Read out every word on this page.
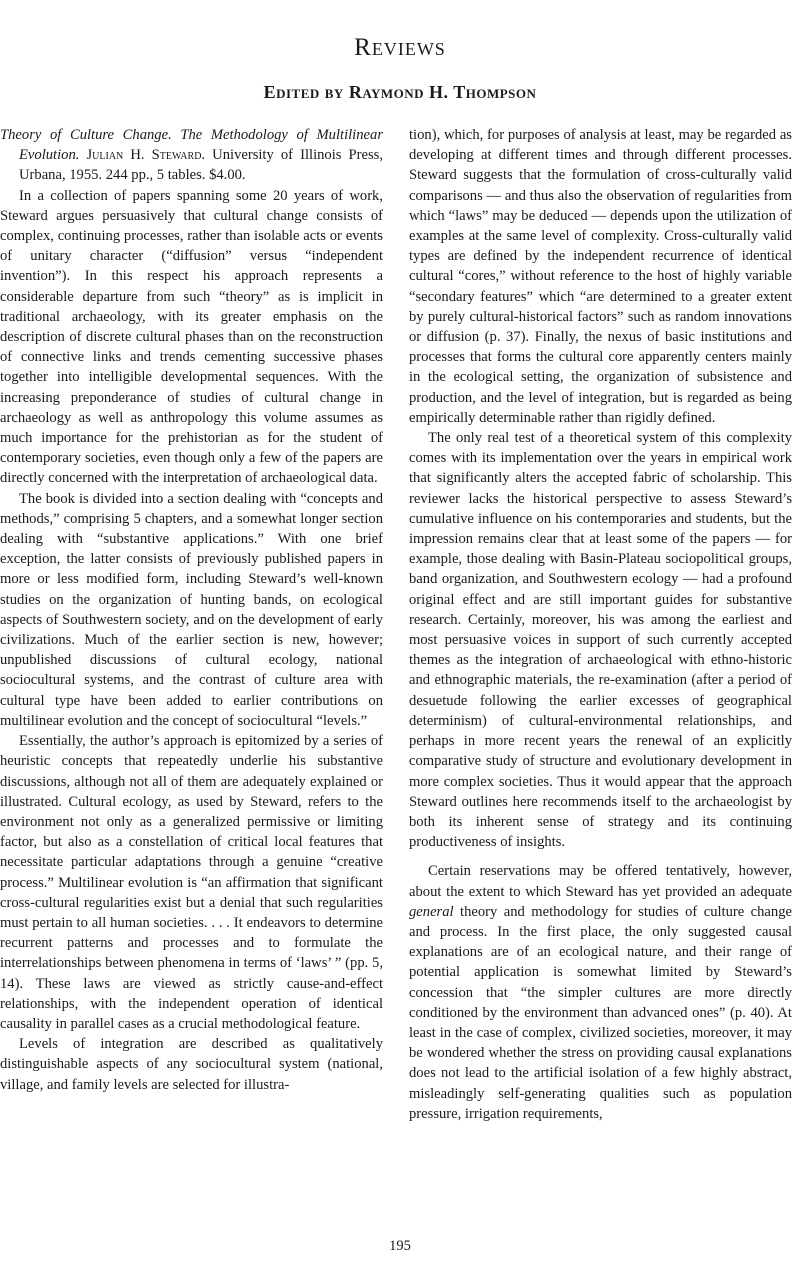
Reviews
Edited by Raymond H. Thompson

Theory of Culture Change. The Methodology of Multilinear Evolution. Julian H. Steward. University of Illinois Press, Urbana, 1955. 244 pp., 5 tables. $4.00.

In a collection of papers spanning some 20 years of work, Steward argues persuasively that cultural change consists of complex, continuing processes, rather than isolable acts or events of unitary character (“diffusion” versus “independent invention”). In this respect his approach represents a considerable departure from such “theory” as is implicit in traditional archaeology, with its greater emphasis on the description of discrete cultural phases than on the reconstruction of connective links and trends cementing successive phases together into intelligible developmental sequences. With the increasing preponderance of studies of cultural change in archaeology as well as anthropology this volume assumes as much importance for the prehistorian as for the student of contemporary societies, even though only a few of the papers are directly concerned with the interpretation of archaeological data.

The book is divided into a section dealing with “concepts and methods,” comprising 5 chapters, and a somewhat longer section dealing with “substantive applications.” With one brief exception, the latter consists of previously published papers in more or less modified form, including Steward’s well-known studies on the organization of hunting bands, on ecological aspects of Southwestern society, and on the development of early civilizations. Much of the earlier section is new, however; unpublished discussions of cultural ecology, national sociocultural systems, and the contrast of culture area with cultural type have been added to earlier contributions on multilinear evolution and the concept of sociocultural “levels.”

Essentially, the author’s approach is epitomized by a series of heuristic concepts that repeatedly underlie his substantive discussions, although not all of them are adequately explained or illustrated. Cultural ecology, as used by Steward, refers to the environment not only as a generalized permissive or limiting factor, but also as a constellation of critical local features that necessitate particular adaptations through a genuine “creative process.” Multilinear evolution is “an affirmation that significant cross-cultural regularities exist but a denial that such regularities must pertain to all human societies. . . . It endeavors to determine recurrent patterns and processes and to formulate the interrelationships between phenomena in terms of ‘laws’ ” (pp. 5, 14). These laws are viewed as strictly cause-and-effect relationships, with the independent operation of identical causality in parallel cases as a crucial methodological feature.

Levels of integration are described as qualitatively distinguishable aspects of any sociocultural system (national, village, and family levels are selected for illustra-

tion), which, for purposes of analysis at least, may be regarded as developing at different times and through different processes. Steward suggests that the formulation of cross-culturally valid comparisons — and thus also the observation of regularities from which “laws” may be deduced — depends upon the utilization of examples at the same level of complexity. Cross-culturally valid types are defined by the independent recurrence of identical cultural “cores,” without reference to the host of highly variable “secondary features” which “are determined to a greater extent by purely cultural-historical factors” such as random innovations or diffusion (p. 37). Finally, the nexus of basic institutions and processes that forms the cultural core apparently centers mainly in the ecological setting, the organization of subsistence and production, and the level of integration, but is regarded as being empirically determinable rather than rigidly defined.

The only real test of a theoretical system of this complexity comes with its implementation over the years in empirical work that significantly alters the accepted fabric of scholarship. This reviewer lacks the historical perspective to assess Steward’s cumulative influence on his contemporaries and students, but the impression remains clear that at least some of the papers — for example, those dealing with Basin-Plateau sociopolitical groups, band organization, and Southwestern ecology — had a profound original effect and are still important guides for substantive research. Certainly, moreover, his was among the earliest and most persuasive voices in support of such currently accepted themes as the integration of archaeological with ethno-historic and ethnographic materials, the re-examination (after a period of desuetude following the earlier excesses of geographical determinism) of cultural-environmental relationships, and perhaps in more recent years the renewal of an explicitly comparative study of structure and evolutionary development in more complex societies. Thus it would appear that the approach Steward outlines here recommends itself to the archaeologist by both its inherent sense of strategy and its continuing productiveness of insights.

Certain reservations may be offered tentatively, however, about the extent to which Steward has yet provided an adequate general theory and methodology for studies of culture change and process. In the first place, the only suggested causal explanations are of an ecological nature, and their range of potential application is somewhat limited by Steward’s concession that “the simpler cultures are more directly conditioned by the environment than advanced ones” (p. 40). At least in the case of complex, civilized societies, moreover, it may be wondered whether the stress on providing causal explanations does not lead to the artificial isolation of a few highly abstract, misleadingly self-generating qualities such as population pressure, irrigation requirements,

195
